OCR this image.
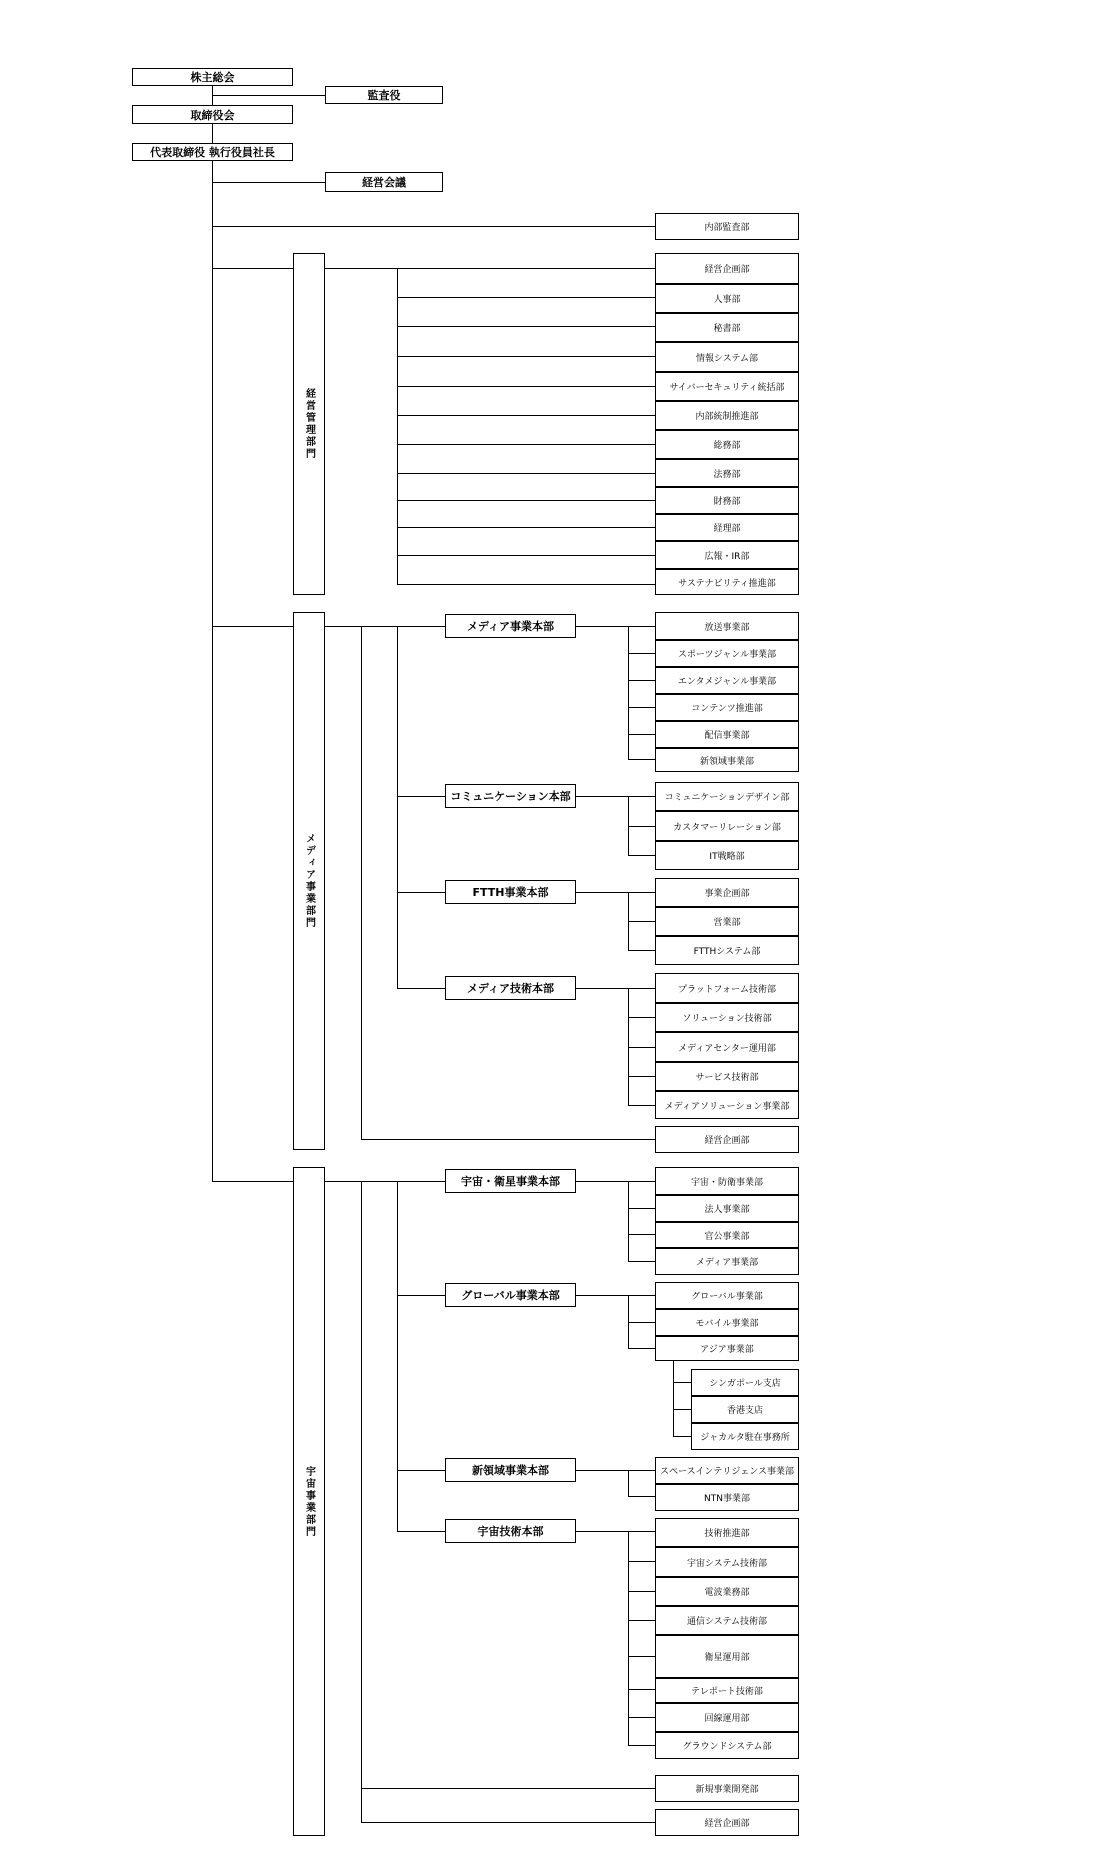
株主総会
監査役
取締役会
代表取締役 執行役員社長
経営会議
内部監査部
経営管理部門
経営企画部
人事部
秘書部
情報システム部
サイバーセキュリティ統括部
内部統制推進部
総務部
法務部
財務部
経理部
広報・IR部
サステナビリティ推進部
メディア事業部門
メディア事業本部	放送事業部
スポーツジャンル事業部
エンタメジャンル事業部
コンテンツ推進部
配信事業部
新領域事業部
コミュニケーション本部	コミュニケーションデザイン部
カスタマーリレーション部
IT戦略部
FTTH事業本部	事業企画部
営業部
FTTHシステム部
メディア技術本部	プラットフォーム技術部
ソリューション技術部
メディアセンター運用部
サービス技術部
メディアソリューション事業部
経営企画部
宇宙事業部門
宇宙・衛星事業本部	宇宙・防衛事業部
法人事業部
官公事業部
メディア事業部
グローバル事業本部	グローバル事業部
モバイル事業部
アジア事業部
シンガポール支店
香港支店
ジャカルタ駐在事務所
新領域事業本部	スペースインテリジェンス事業部
NTN事業部
宇宙技術本部	技術推進部
宇宙システム技術部
電波業務部
通信システム技術部
衛星運用部
テレポート技術部
回線運用部
グラウンドシステム部
新規事業開発部
経営企画部
